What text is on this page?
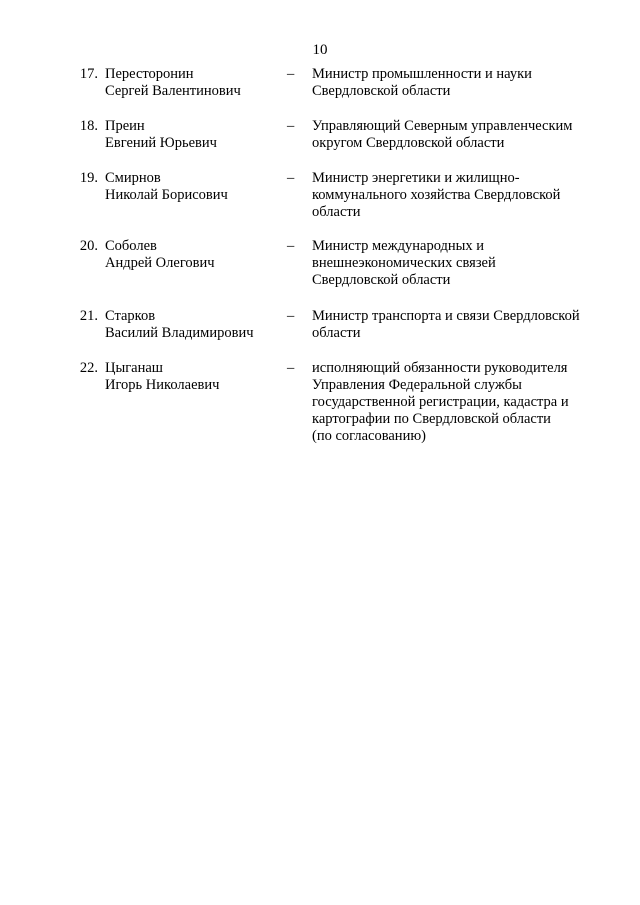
10
17. Пересторонин
Сергей Валентинович
– Министр промышленности и науки
Свердловской области
18. Преин
Евгений Юрьевич
– Управляющий Северным управленческим
округом Свердловской области
19. Смирнов
Николай Борисович
– Министр энергетики и жилищно-
коммунального хозяйства Свердловской
области
20. Соболев
Андрей Олегович
– Министр международных и
внешнеэкономических связей
Свердловской области
21. Старков
Василий Владимирович
– Министр транспорта и связи Свердловской
области
22. Цыганаш
Игорь Николаевич
– исполняющий обязанности руководителя
Управления Федеральной службы
государственной регистрации, кадастра и
картографии по Свердловской области
(по согласованию)
